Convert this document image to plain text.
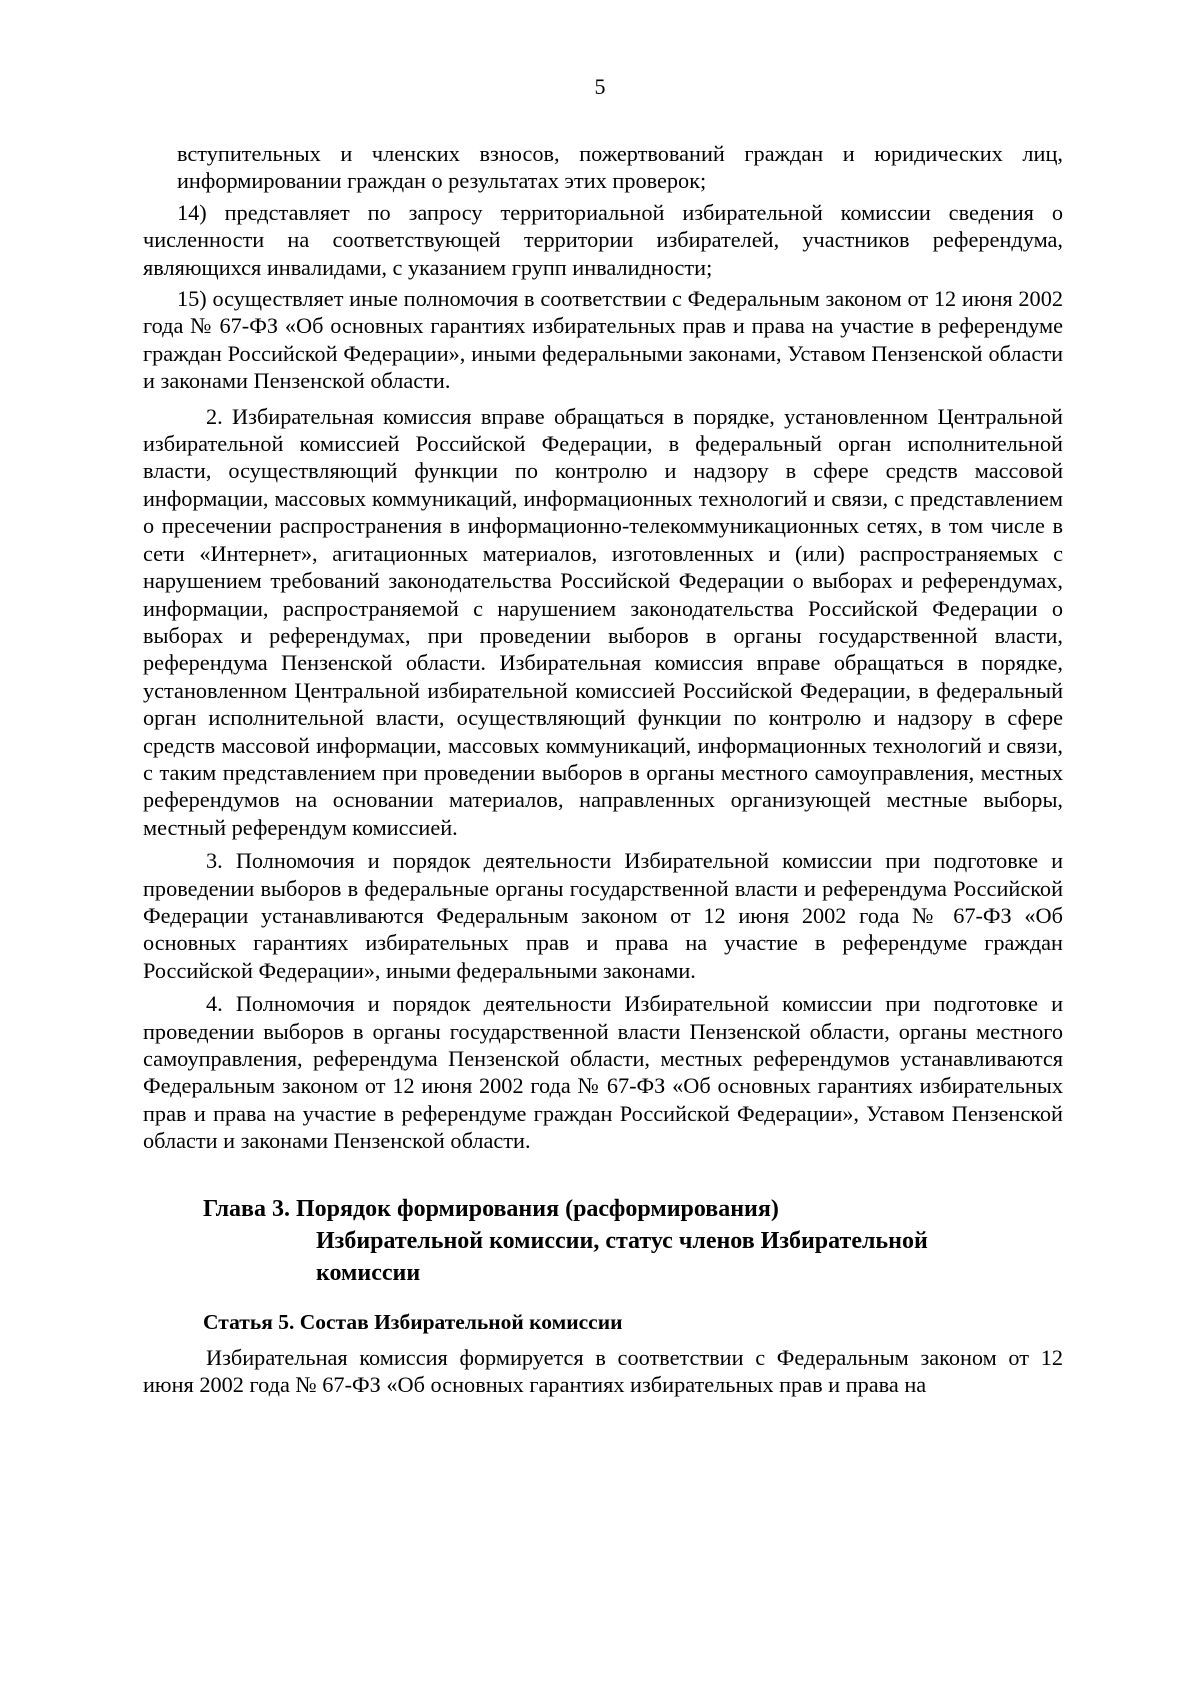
5

вступительных и членских взносов, пожертвований граждан и юридических лиц, информировании граждан о результатах этих проверок;

14) представляет по запросу территориальной избирательной комиссии сведения о численности на соответствующей территории избирателей, участников референдума, являющихся инвалидами, с указанием групп инвалидности;

15) осуществляет иные полномочия в соответствии с Федеральным законом от 12 июня 2002 года № 67-ФЗ «Об основных гарантиях избирательных прав и права на участие в референдуме граждан Российской Федерации», иными федеральными законами, Уставом Пензенской области и законами Пензенской области.

2. Избирательная комиссия вправе обращаться в порядке, установленном Центральной избирательной комиссией Российской Федерации, в федеральный орган исполнительной власти, осуществляющий функции по контролю и надзору в сфере средств массовой информации, массовых коммуникаций, информационных технологий и связи, с представлением о пресечении распространения в информационно-телекоммуникационных сетях, в том числе в сети «Интернет», агитационных материалов, изготовленных и (или) распространяемых с нарушением требований законодательства Российской Федерации о выборах и референдумах, информации, распространяемой с нарушением законодательства Российской Федерации о выборах и референдумах, при проведении выборов в органы государственной власти, референдума Пензенской области. Избирательная комиссия вправе обращаться в порядке, установленном Центральной избирательной комиссией Российской Федерации, в федеральный орган исполнительной власти, осуществляющий функции по контролю и надзору в сфере средств массовой информации, массовых коммуникаций, информационных технологий и связи, с таким представлением при проведении выборов в органы местного самоуправления, местных референдумов на основании материалов, направленных организующей местные выборы, местный референдум комиссией.

3. Полномочия и порядок деятельности Избирательной комиссии при подготовке и проведении выборов в федеральные органы государственной власти и референдума Российской Федерации устанавливаются Федеральным законом от 12 июня 2002 года № 67-ФЗ «Об основных гарантиях избирательных прав и права на участие в референдуме граждан Российской Федерации», иными федеральными законами.

4. Полномочия и порядок деятельности Избирательной комиссии при подготовке и проведении выборов в органы государственной власти Пензенской области, органы местного самоуправления, референдума Пензенской области, местных референдумов устанавливаются Федеральным законом от 12 июня 2002 года № 67-ФЗ «Об основных гарантиях избирательных прав и права на участие в референдуме граждан Российской Федерации», Уставом Пензенской области и законами Пензенской области.

Глава 3. Порядок формирования (расформирования)
Избирательной комиссии, статус членов Избирательной
комиссии
Статья 5. Состав Избирательной комиссии

Избирательная комиссия формируется в соответствии с Федеральным законом от 12 июня 2002 года № 67-ФЗ «Об основных гарантиях избирательных прав и права на
